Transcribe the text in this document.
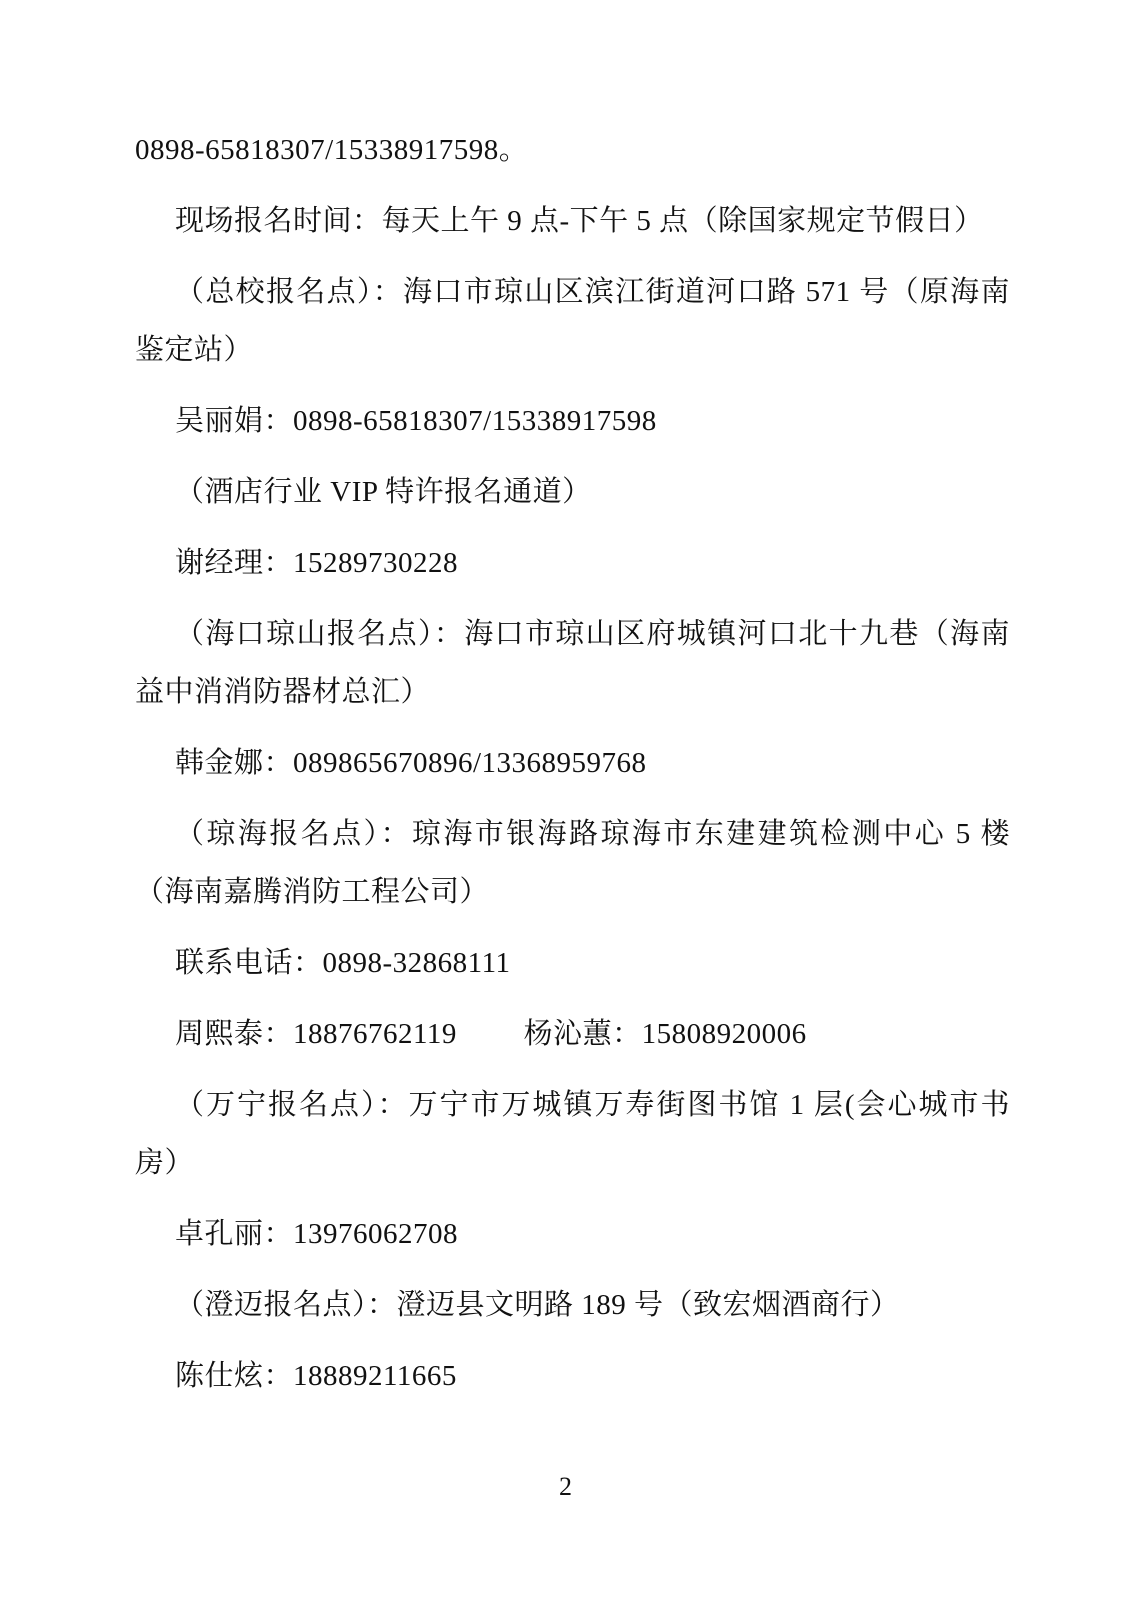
0898-65818307/15338917598。
现场报名时间：每天上午 9 点-下午 5 点（除国家规定节假日）
（总校报名点）：海口市琼山区滨江街道河口路 571 号（原海南
鉴定站）
吴丽娟：0898-65818307/15338917598
（酒店行业 VIP 特许报名通道）
谢经理：15289730228
（海口琼山报名点）：海口市琼山区府城镇河口北十九巷（海南
益中消消防器材总汇）
韩金娜：089865670896/13368959768
（琼海报名点）：琼海市银海路琼海市东建建筑检测中心 5 楼
（海南嘉腾消防工程公司）
联系电话：0898-32868111
周熙泰：18876762119　　 杨沁蕙：15808920006
（万宁报名点）：万宁市万城镇万寿街图书馆 1 层(会心城市书
房）
卓孔丽：13976062708
（澄迈报名点）：澄迈县文明路 189 号（致宏烟酒商行）
陈仕炫：18889211665
2
